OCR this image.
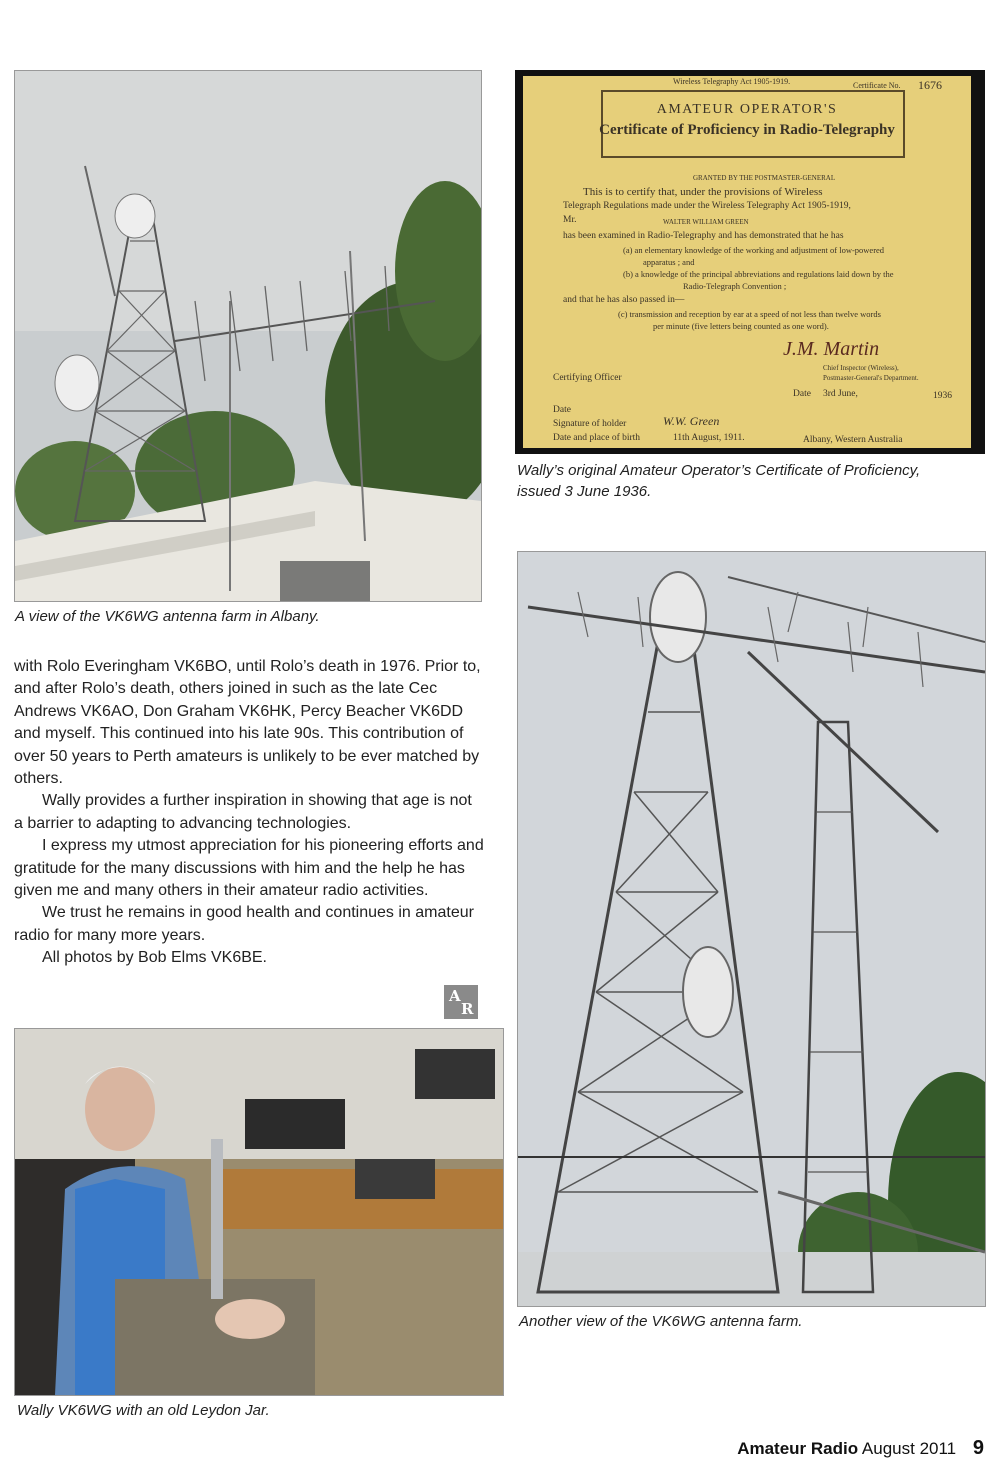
A view of the VK6WG antenna farm in Albany.
Wireless Telegraphy Act 1905-1919.	Certificate No. 1676
AMATEUR OPERATOR'S
Certificate of Proficiency in Radio-Telegraphy
GRANTED BY THE POSTMASTER-GENERAL
This is to certify that, under the provisions of Wireless
Telegraph Regulations made under the Wireless Telegraphy Act 1905-1919,
Mr.	WALTER WILLIAM GREEN
has been examined in Radio-Telegraphy and has demonstrated that he has
(a) an elementary knowledge of the working and adjustment of low-powered
apparatus ; and
(b) a knowledge of the principal abbreviations and regulations laid down by the
Radio-Telegraph Convention ;
and that he has also passed in—
(c) transmission and reception by ear at a speed of not less than twelve words
per minute (five letters being counted as one word).
J.M. Martin
Chief Inspector (Wireless),
Postmaster-General's Department.
Certifying Officer
Date 3rd June,	1936
Date
Signature of holder	W.W. Green
Date and place of birth	11th August, 1911.	Albany, Western Australia
Wally’s original Amateur Operator’s Certificate of Proficiency,
issued 3 June 1936.

with Rolo Everingham VK6BO, until Rolo’s death in 1976. Prior to, and after Rolo’s death, others joined in such as the late Cec Andrews VK6AO, Don Graham VK6HK, Percy Beacher VK6DD and myself. This continued into his late 90s. This contribution of over 50 years to Perth amateurs is unlikely to be ever matched by others.

Wally provides a further inspiration in showing that age is not a barrier to adapting to advancing technologies.

I express my utmost appreciation for his pioneering efforts and gratitude for the many discussions with him and the help he has given me and many others in their amateur radio activities.

We trust he remains in good health and continues in amateur radio for many more years.

All photos by Bob Elms VK6BE.

A
R
Another view of the VK6WG antenna farm.
Wally VK6WG with an old Leydon Jar.
Amateur Radio August 2011 9
